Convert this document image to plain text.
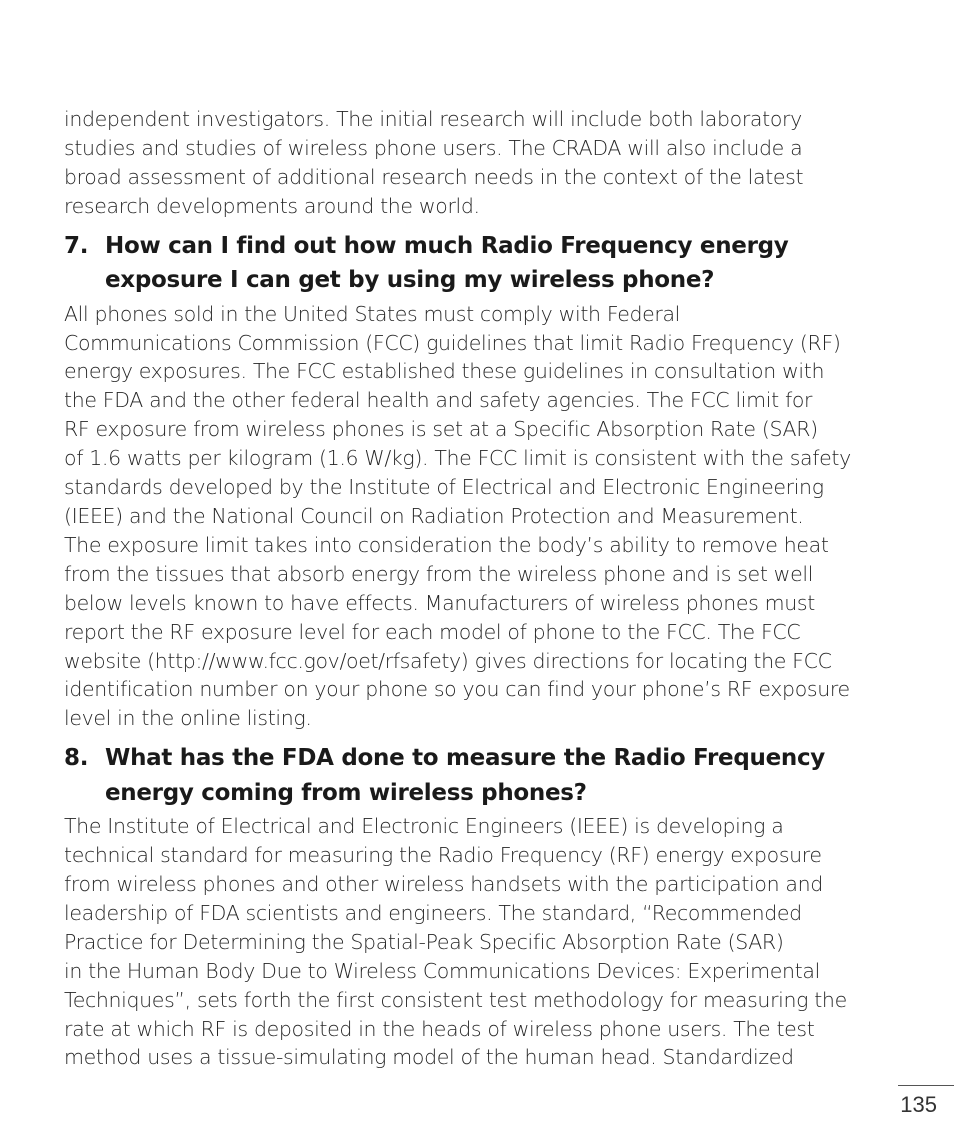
independent investigators. The initial research will include both laboratory
studies and studies of wireless phone users. The CRADA will also include a
broad assessment of additional research needs in the context of the latest
research developments around the world.

7. How can I find out how much Radio Frequency energy
exposure I can get by using my wireless phone?

All phones sold in the United States must comply with Federal
Communications Commission (FCC) guidelines that limit Radio Frequency (RF)
energy exposures. The FCC established these guidelines in consultation with
the FDA and the other federal health and safety agencies. The FCC limit for
RF exposure from wireless phones is set at a Specific Absorption Rate (SAR)
of 1.6 watts per kilogram (1.6 W/kg). The FCC limit is consistent with the safety
standards developed by the Institute of Electrical and Electronic Engineering
(IEEE) and the National Council on Radiation Protection and Measurement.
The exposure limit takes into consideration the body’s ability to remove heat
from the tissues that absorb energy from the wireless phone and is set well
below levels known to have effects. Manufacturers of wireless phones must
report the RF exposure level for each model of phone to the FCC. The FCC
website (http://www.fcc.gov/oet/rfsafety) gives directions for locating the FCC
identification number on your phone so you can find your phone’s RF exposure
level in the online listing.

8. What has the FDA done to measure the Radio Frequency
energy coming from wireless phones?

The Institute of Electrical and Electronic Engineers (IEEE) is developing a
technical standard for measuring the Radio Frequency (RF) energy exposure
from wireless phones and other wireless handsets with the participation and
leadership of FDA scientists and engineers. The standard, “Recommended
Practice for Determining the Spatial-Peak Specific Absorption Rate (SAR)
in the Human Body Due to Wireless Communications Devices: Experimental
Techniques”, sets forth the first consistent test methodology for measuring the
rate at which RF is deposited in the heads of wireless phone users. The test
method uses a tissue-simulating model of the human head. Standardized

135
